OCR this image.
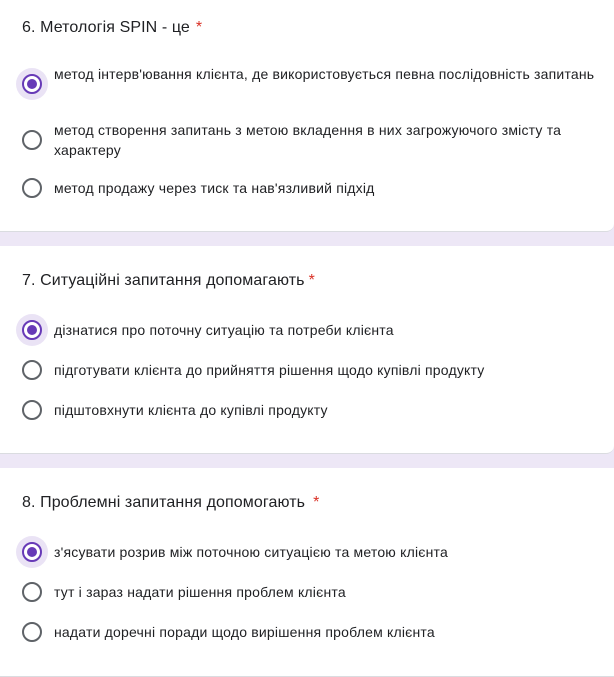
6. Метологія SPIN - це *
метод інтерв'ювання клієнта, де використовується певна послідовність запитань
метод створення запитань з метою вкладення в них загрожуючого змісту та характеру
метод продажу через тиск та нав'язливий підхід
7. Ситуаційні запитання допомагають *
дізнатися про поточну ситуацію та потреби клієнта
підготувати клієнта до прийняття рішення щодо купівлі продукту
підштовхнути клієнта до купівлі продукту
8. Проблемні запитання допомогають *
з'ясувати розрив між поточною ситуацією та метою клієнта
тут і зараз надати рішення проблем клієнта
надати доречні поради щодо вирішення проблем клієнта
